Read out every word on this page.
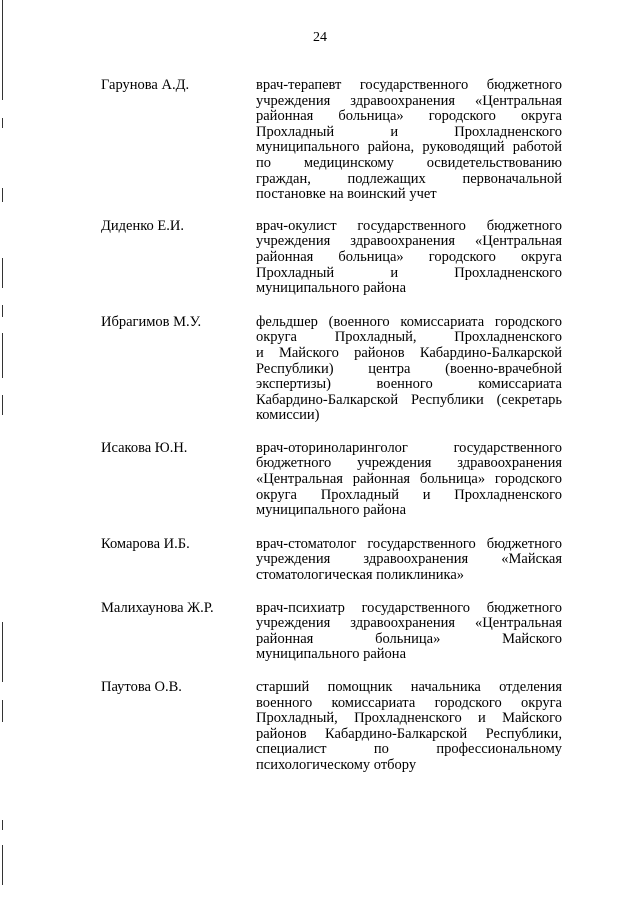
24
Гарунова А.Д.	врач-терапевт государственного бюджетного
учреждения здравоохранения «Центральная
районная больница» городского округа
Прохладный и Прохладненского
муниципального района, руководящий работой
по медицинскому освидетельствованию
граждан, подлежащих первоначальной
постановке на воинский учет
Диденко Е.И.	врач-окулист государственного бюджетного
учреждения здравоохранения «Центральная
районная больница» городского округа
Прохладный и Прохладненского
муниципального района
Ибрагимов М.У.	фельдшер (военного комиссариата городского
округа Прохладный, Прохладненского
и Майского районов Кабардино-Балкарской
Республики) центра (военно-врачебной
экспертизы) военного комиссариата
Кабардино-Балкарской Республики (секретарь
комиссии)
Исакова Ю.Н.	врач-оториноларинголог государственного
бюджетного учреждения здравоохранения
«Центральная районная больница» городского
округа Прохладный и Прохладненского
муниципального района
Комарова И.Б.	врач-стоматолог государственного бюджетного
учреждения здравоохранения «Майская
стоматологическая поликлиника»
Малихаунова Ж.Р.	врач-психиатр государственного бюджетного
учреждения здравоохранения «Центральная
районная больница» Майского
муниципального района
Паутова О.В.	старший помощник начальника отделения
военного комиссариата городского округа
Прохладный, Прохладненского и Майского
районов Кабардино-Балкарской Республики,
специалист по профессиональному
психологическому отбору
